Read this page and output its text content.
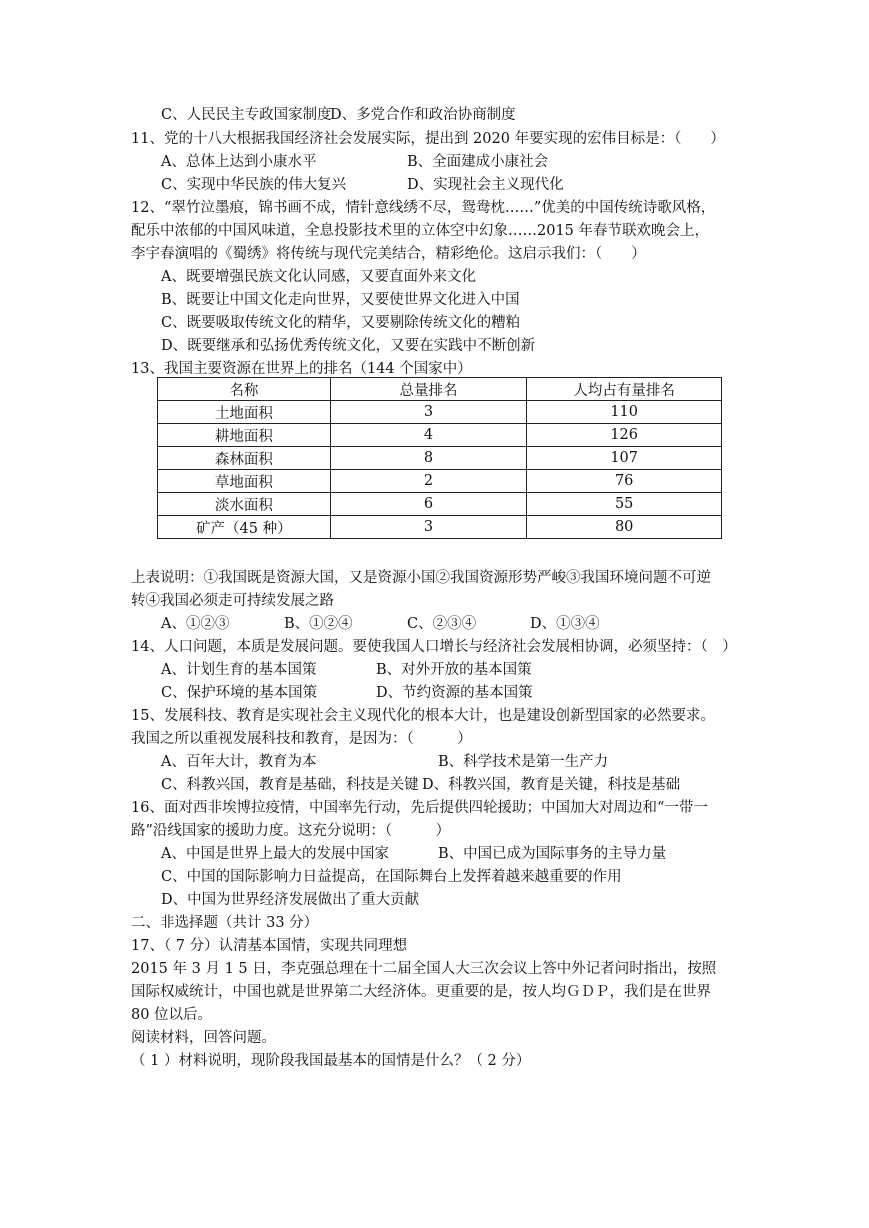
C、人民民主专政国家制度
D、多党合作和政治协商制度
11、党的十八大根据我国经济社会发展实际，提出到 2020 年要实现的宏伟目标是：（　　）
A、总体上达到小康水平	B、全面建成小康社会
C、实现中华民族的伟大复兴	D、实现社会主义现代化
12、“翠竹泣墨痕，锦书画不成，情针意线绣不尽，鸳鸯枕……”优美的中国传统诗歌风格，
配乐中浓郁的中国风味道，全息投影技术里的立体空中幻象……2015 年春节联欢晚会上，
李宇春演唱的《蜀绣》将传统与现代完美结合，精彩绝伦。这启示我们：（　　）
A、既要增强民族文化认同感，又要直面外来文化
B、既要让中国文化走向世界，又要使世界文化进入中国
C、既要吸取传统文化的精华，又要剔除传统文化的糟粕
D、既要继承和弘扬优秀传统文化，又要在实践中不断创新
13、我国主要资源在世界上的排名（144 个国家中）
名称	总量排名	人均占有量排名
土地面积	3	110
耕地面积	4	126
森林面积	8	107
草地面积	2	76
淡水面积	6	55
矿产（45 种）	3	80
上表说明：①我国既是资源大国，又是资源小国②我国资源形势严峻③我国环境问题不可逆
转④我国必须走可持续发展之路
A、①②③	B、①②④	C、②③④	D、①③④
14、人口问题，本质是发展问题。要使我国人口增长与经济社会发展相协调，必须坚持：（　）
A、计划生育的基本国策	B、对外开放的基本国策
C、保护环境的基本国策	D、节约资源的基本国策
15、发展科技、教育是实现社会主义现代化的根本大计，也是建设创新型国家的必然要求。
我国之所以重视发展科技和教育，是因为：（　　　）
A、百年大计，教育为本	B、科学技术是第一生产力
C、科教兴国，教育是基础，科技是关键 D、科教兴国，教育是关键，科技是基础
16、面对西非埃博拉疫情，中国率先行动，先后提供四轮援助；中国加大对周边和“一带一
路”沿线国家的援助力度。这充分说明：（　　　）
A、中国是世界上最大的发展中国家	B、中国已成为国际事务的主导力量
C、中国的国际影响力日益提高，在国际舞台上发挥着越来越重要的作用
D、中国为世界经济发展做出了重大贡献
二、非选择题（共计 33 分）
17、（ 7 分）认清基本国情，实现共同理想
2015 年 3 月 1 5 日，李克强总理在十二届全国人大三次会议上答中外记者问时指出，按照
国际权威统计，中国也就是世界第二大经济体。更重要的是，按人均ＧＤＰ，我们是在世界
80 位以后。
阅读材料，回答问题。
（ 1 ）材料说明，现阶段我国最基本的国情是什么？（ 2 分）
